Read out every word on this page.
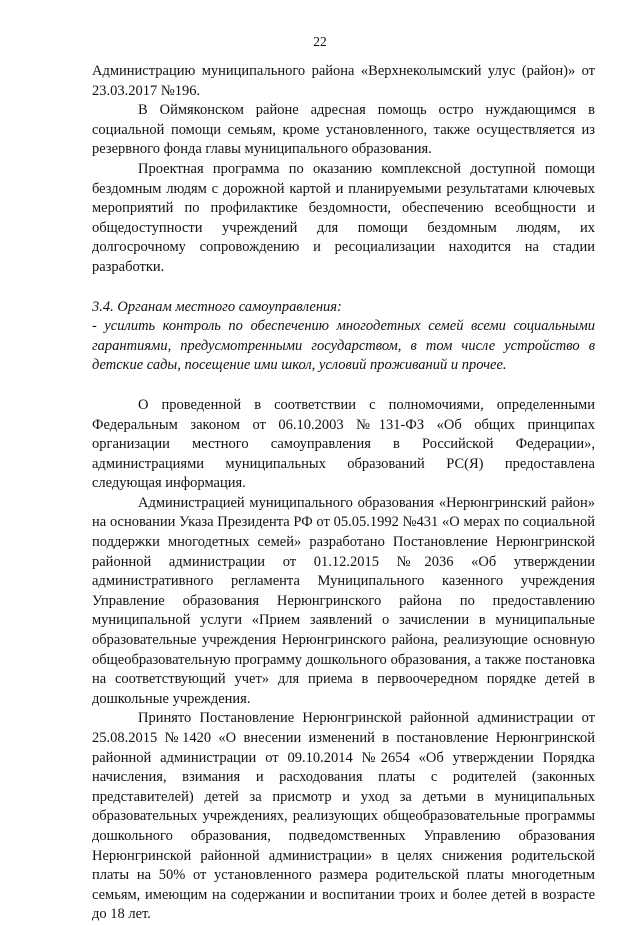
22

Администрацию муниципального района «Верхнеколымский улус (район)» от 23.03.2017 №196.

В Оймяконском районе адресная помощь остро нуждающимся в социальной помощи семьям, кроме установленного, также осуществляется из резервного фонда главы муниципального образования.

Проектная программа по оказанию комплексной доступной помощи бездомным людям с дорожной картой и планируемыми результатами ключевых мероприятий по профилактике бездомности, обеспечению всеобщности и общедоступности учреждений для помощи бездомным людям, их долгосрочному сопровождению и ресоциализации находится на стадии разработки.

3.4. Органам местного самоуправления:

- усилить контроль по обеспечению многодетных семей всеми социальными гарантиями, предусмотренными государством, в том числе устройство в детские сады, посещение ими школ, условий проживаний и прочее.

О проведенной в соответствии с полномочиями, определенными Федеральным законом от 06.10.2003 №131-ФЗ «Об общих принципах организации местного самоуправления в Российской Федерации», администрациями муниципальных образований РС(Я) предоставлена следующая информация.

Администрацией муниципального образования «Нерюнгринский район» на основании Указа Президента РФ от 05.05.1992 №431 «О мерах по социальной поддержки многодетных семей» разработано Постановление Нерюнгринской районной администрации от 01.12.2015 №2036 «Об утверждении административного регламента Муниципального казенного учреждения Управление образования Нерюнгринского района по предоставлению муниципальной услуги «Прием заявлений о зачислении в муниципальные образовательные учреждения Нерюнгринского района, реализующие основную общеобразовательную программу дошкольного образования, а также постановка на соответствующий учет» для приема в первоочередном порядке детей в дошкольные учреждения.

Принято Постановление Нерюнгринской районной администрации от 25.08.2015 №1420 «О внесении изменений в постановление Нерюнгринской районной администрации от 09.10.2014 №2654 «Об утверждении Порядка начисления, взимания и расходования платы с родителей (законных представителей) детей за присмотр и уход за детьми в муниципальных образовательных учреждениях, реализующих общеобразовательные программы дошкольного образования, подведомственных Управлению образования Нерюнгринской районной администрации» в целях снижения родительской платы на 50% от установленного размера родительской платы многодетным семьям, имеющим на содержании и воспитании троих и более детей в возрасте до 18 лет.
